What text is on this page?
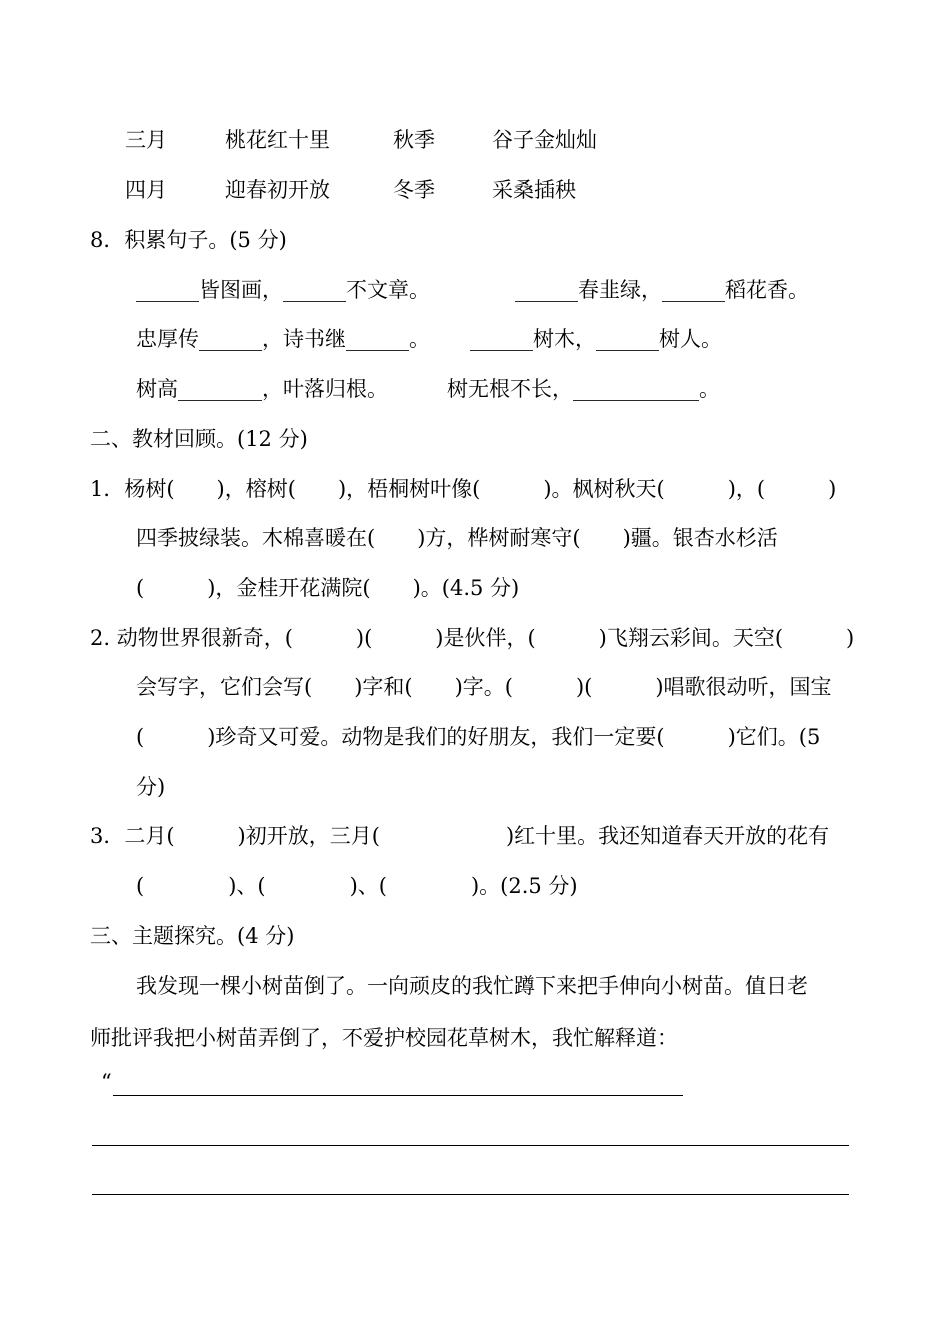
三月	桃花红十里	秋季	谷子金灿灿
四月	迎春初开放	冬季	采桑插秧
8．积累句子。(5 分)
______皆图画，______不文章。	______春韭绿，______稻花香。
忠厚传______，诗书继______。 ______树木，______树人。
树高________，叶落归根。	树无根不长，____________。
二、教材回顾。(12 分)
1．杨树(　　)，榕树(　　)，梧桐树叶像(　　　)。枫树秋天(　　　)，(　　　)
四季披绿装。木棉喜暖在(　　)方，桦树耐寒守(　　)疆。银杏水杉活
(　　　)，金桂开花满院(　　)。(4.5 分)
2. 动物世界很新奇，(　　　)(　　　)是伙伴，(　　　)飞翔云彩间。天空(　　　)
会写字，它们会写(　　)字和(　　)字。(　　　)(　　　)唱歌很动听，国宝
(　　　)珍奇又可爱。动物是我们的好朋友，我们一定要(　　　)它们。(5
分)
3．二月(　　　)初开放，三月(　　　　　　)红十里。我还知道春天开放的花有
(　　　　)、(　　　　)、(　　　　)。(2.5 分)
三、主题探究。(4 分)
我发现一棵小树苗倒了。一向顽皮的我忙蹲下来把手伸向小树苗。值日老
师批评我把小树苗弄倒了，不爱护校园花草树木，我忙解释道：
“
